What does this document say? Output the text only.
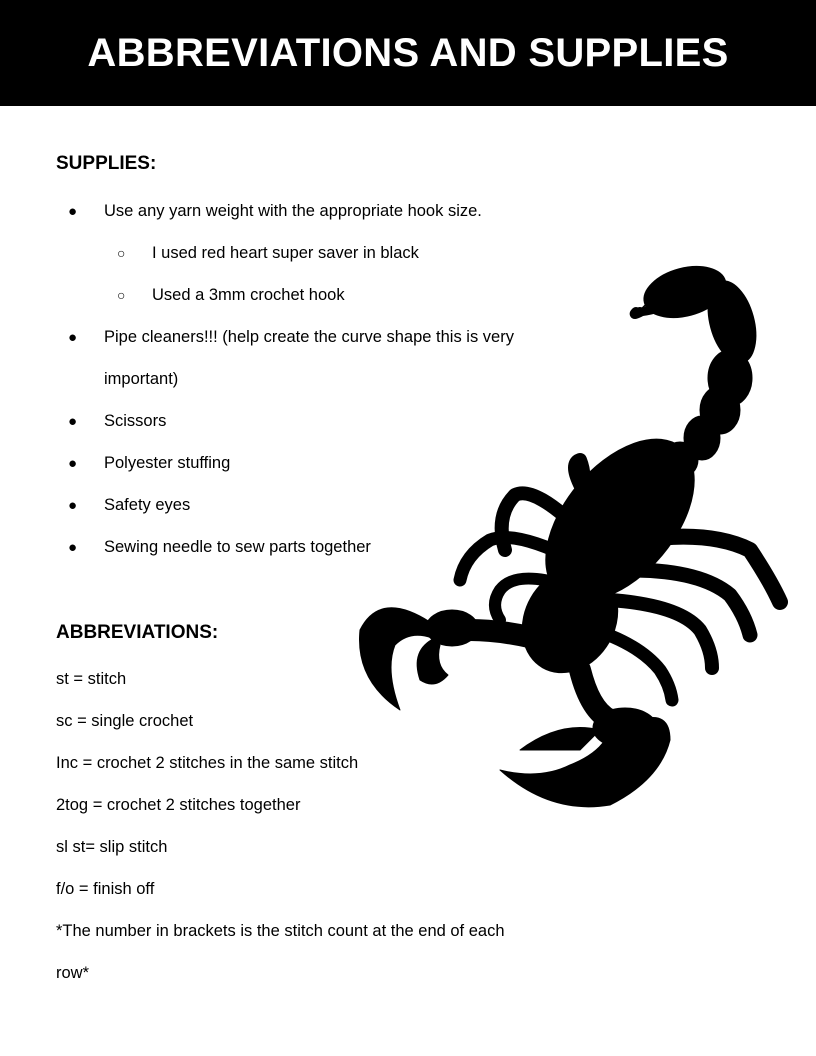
ABBREVIATIONS AND SUPPLIES
SUPPLIES:
● Use any yarn weight with the appropriate hook size.
○ I used red heart super saver in black
○ Used a 3mm crochet hook
● Pipe cleaners!!! (help create the curve shape this is very
important)
● Scissors
● Polyester stuffing
● Safety eyes
● Sewing needle to sew parts together
ABBREVIATIONS:
st = stitch
sc = single crochet
Inc = crochet 2 stitches in the same stitch
2tog = crochet 2 stitches together
sl st= slip stitch
f/o = finish off
*The number in brackets is the stitch count at the end of each
row*
